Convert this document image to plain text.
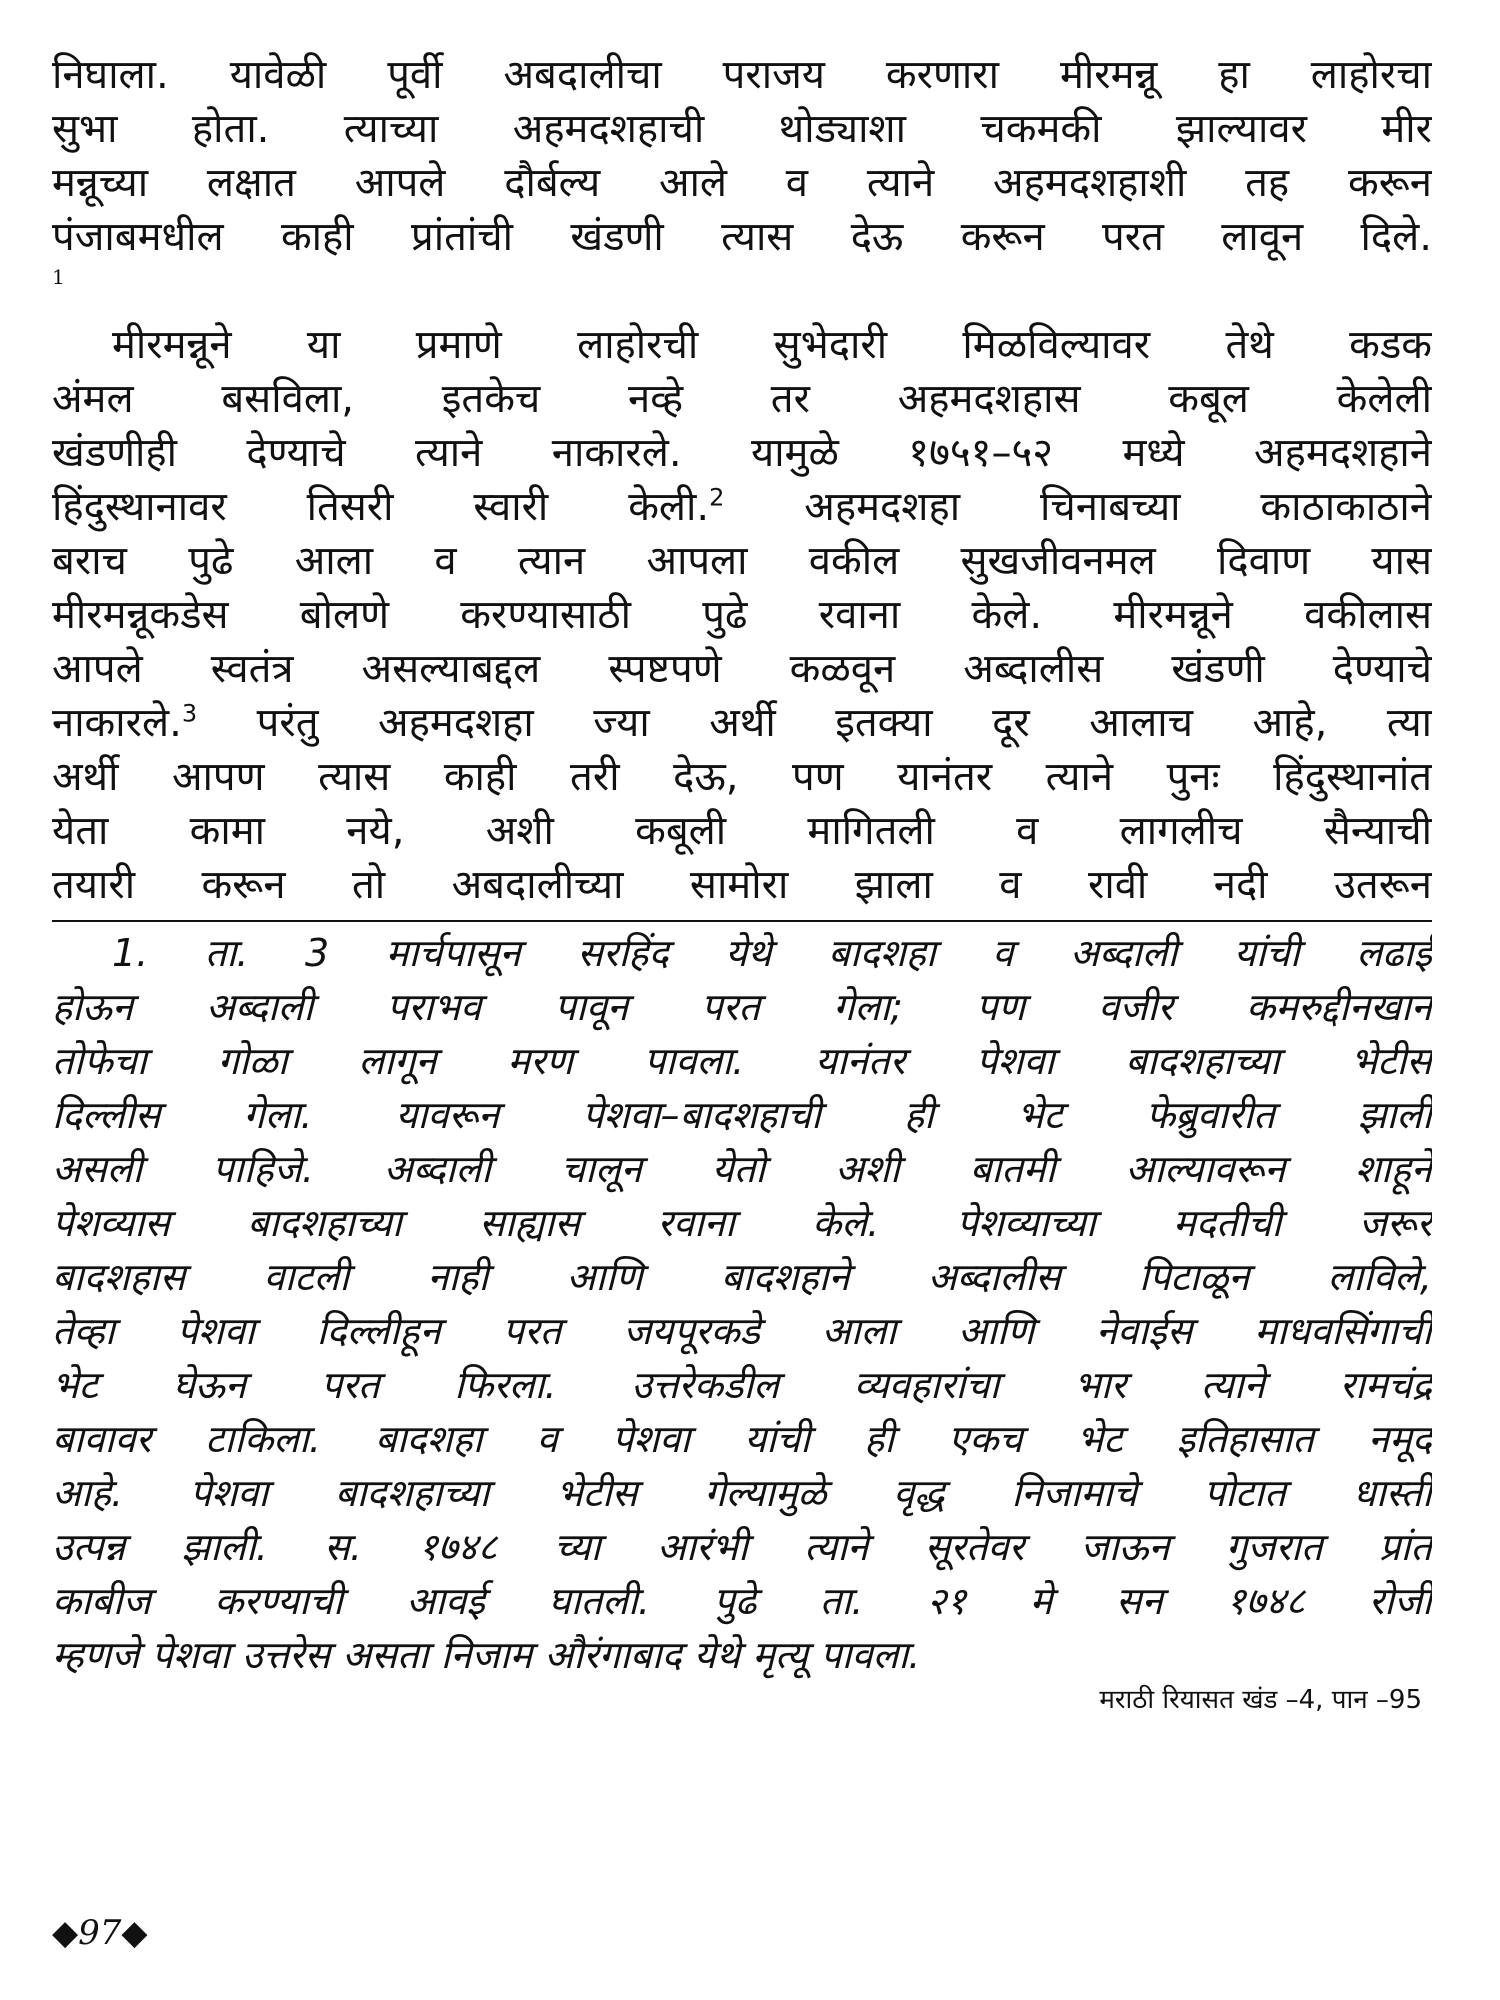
निघाला. यावेळी पूर्वी अबदालीचा पराजय करणारा मीरमन्नू हा लाहोरचा
सुभा होता. त्याच्या अहमदशहाची थोड्याशा चकमकी झाल्यावर मीर
मन्नूच्या लक्षात आपले दौर्बल्य आले व त्याने अहमदशहाशी तह करून
पंजाबमधील काही प्रांतांची खंडणी त्यास देऊ करून परत लावून दिले.
1
मीरमन्नूने या प्रमाणे लाहोरची सुभेदारी मिळविल्यावर तेथे कडक
अंमल बसविला, इतकेच नव्हे तर अहमदशहास कबूल केलेली
खंडणीही देण्याचे त्याने नाकारले. यामुळे १७५१–५२ मध्ये अहमदशहाने
हिंदुस्थानावर तिसरी स्वारी केली.$^2$ अहमदशहा चिनाबच्या काठाकाठाने
बराच पुढे आला व त्यान आपला वकील सुखजीवनमल दिवाण यास
मीरमन्नूकडेस बोलणे करण्यासाठी पुढे रवाना केले. मीरमन्नूने वकीलास
आपले स्वतंत्र असल्याबद्दल स्पष्टपणे कळवून अब्दालीस खंडणी देण्याचे
नाकारले.$^3$ परंतु अहमदशहा ज्या अर्थी इतक्या दूर आलाच आहे, त्या
अर्थी आपण त्यास काही तरी देऊ, पण यानंतर त्याने पुनः हिंदुस्थानांत
येता कामा नये, अशी कबूली मागितली व लागलीच सैन्याची
तयारी करून तो अबदालीच्या सामोरा झाला व रावी नदी उतरून
1. ता. 3 मार्चपासून सरहिंद येथे बादशहा व अब्दाली यांची लढाई
होऊन अब्दाली पराभव पावून परत गेला; पण वजीर कमरुद्दीनखान
तोफेचा गोळा लागून मरण पावला. यानंतर पेशवा बादशहाच्या भेटीस
दिल्लीस गेला. यावरून पेशवा–बादशहाची ही भेट फेब्रुवारीत झाली
असली पाहिजे. अब्दाली चालून येतो अशी बातमी आल्यावरून शाहूने
पेशव्यास बादशहाच्या साह्यास रवाना केले. पेशव्याच्या मदतीची जरूर
बादशहास वाटली नाही आणि बादशहाने अब्दालीस पिटाळून लाविले,
तेव्हा पेशवा दिल्लीहून परत जयपूरकडे आला आणि नेवाईस माधवसिंगाची
भेट घेऊन परत फिरला. उत्तरेकडील व्यवहारांचा भार त्याने रामचंद्र
बावावर टाकिला. बादशहा व पेशवा यांची ही एकच भेट इतिहासात नमूद
आहे. पेशवा बादशहाच्या भेटीस गेल्यामुळे वृद्ध निजामाचे पोटात धास्ती
उत्पन्न झाली. स. १७४८ च्या आरंभी त्याने सूरतेवर जाऊन गुजरात प्रांत
काबीज करण्याची आवई घातली. पुढे ता. २१ मे सन १७४८ रोजी
म्हणजे पेशवा उत्तरेस असता निजाम औरंगाबाद येथे मृत्यू पावला.
मराठी रियासत खंड –4, पान –95
◆97◆
